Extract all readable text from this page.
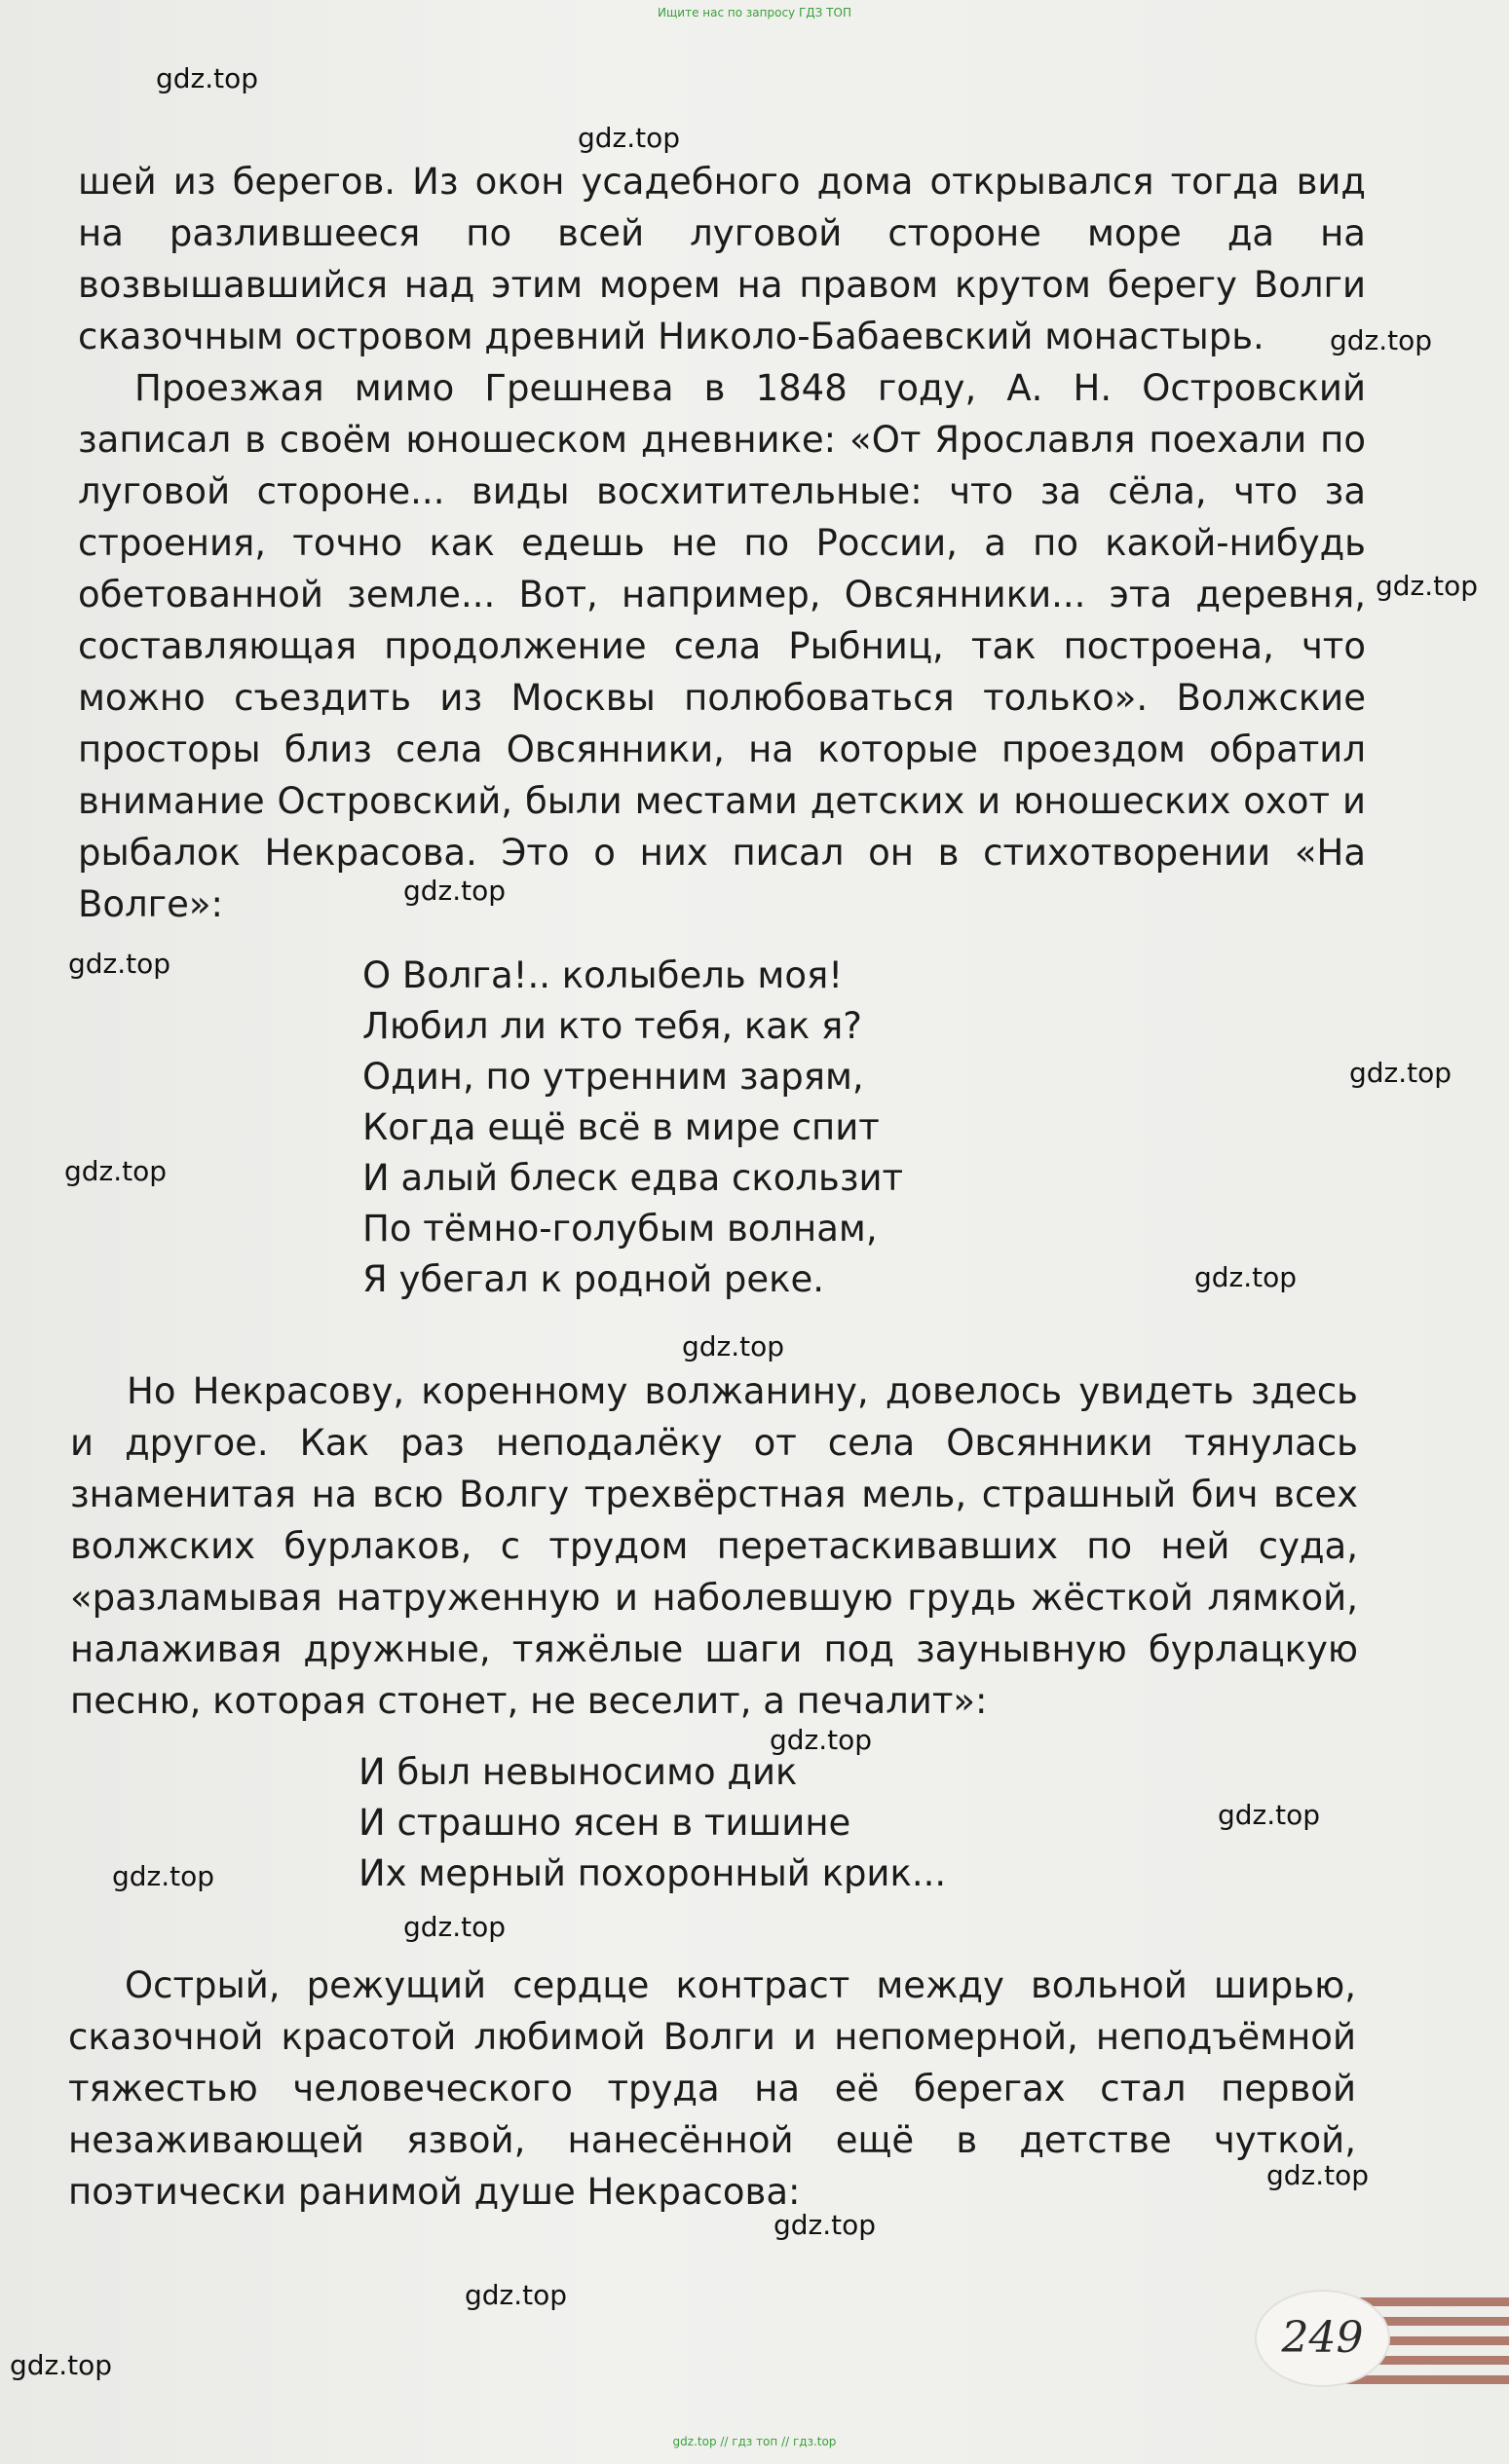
Ищите нас по запросу ГДЗ ТОП
gdz.top
gdz.top
gdz.top
gdz.top
gdz.top
gdz.top
gdz.top
gdz.top
gdz.top
gdz.top
gdz.top
gdz.top
gdz.top
gdz.top
gdz.top
gdz.top
gdz.top
gdz.top

шей из берегов. Из окон усадебного дома открывался тогда вид на разлившееся по всей луговой стороне море да на возвышавшийся над этим морем на правом крутом берегу Волги сказочным островом древний Николо-Бабаевский монастырь.

Проезжая мимо Грешнева в 1848 году, А. Н. Островский записал в своём юношеском дневнике: «От Ярославля поехали по луговой стороне... виды восхитительные: что за сёла, что за строения, точно как едешь не по России, а по какой-нибудь обетованной земле... Вот, например, Овсянники... эта деревня, составляющая продолжение села Рыбниц, так построена, что можно съездить из Москвы полюбоваться только». Волжские просторы близ села Овсянники, на которые проездом обратил внимание Островский, были местами детских и юношеских охот и рыбалок Некрасова. Это о них писал он в стихотворении «На Волге»:

О Волга!.. колыбель моя!
Любил ли кто тебя, как я?
Один, по утренним зарям,
Когда ещё всё в мире спит
И алый блеск едва скользит
По тёмно-голубым волнам,
Я убегал к родной реке.

Но Некрасову, коренному волжанину, довелось увидеть здесь и другое. Как раз неподалёку от села Овсянники тянулась знаменитая на всю Волгу трехвёрстная мель, страшный бич всех волжских бурлаков, с трудом перетаскивавших по ней суда, «разламывая натруженную и наболевшую грудь жёсткой лямкой, налаживая дружные, тяжёлые шаги под заунывную бурлацкую песню, которая стонет, не веселит, а печалит»:

И был невыносимо дик
И страшно ясен в тишине
Их мерный похоронный крик...

Острый, режущий сердце контраст между вольной ширью, сказочной красотой любимой Волги и непомерной, неподъёмной тяжестью человеческого труда на её берегах стал первой незаживающей язвой, нанесённой ещё в детстве чуткой, поэтически ранимой душе Некрасова:

249
gdz.top // гдз топ // гдз.top
